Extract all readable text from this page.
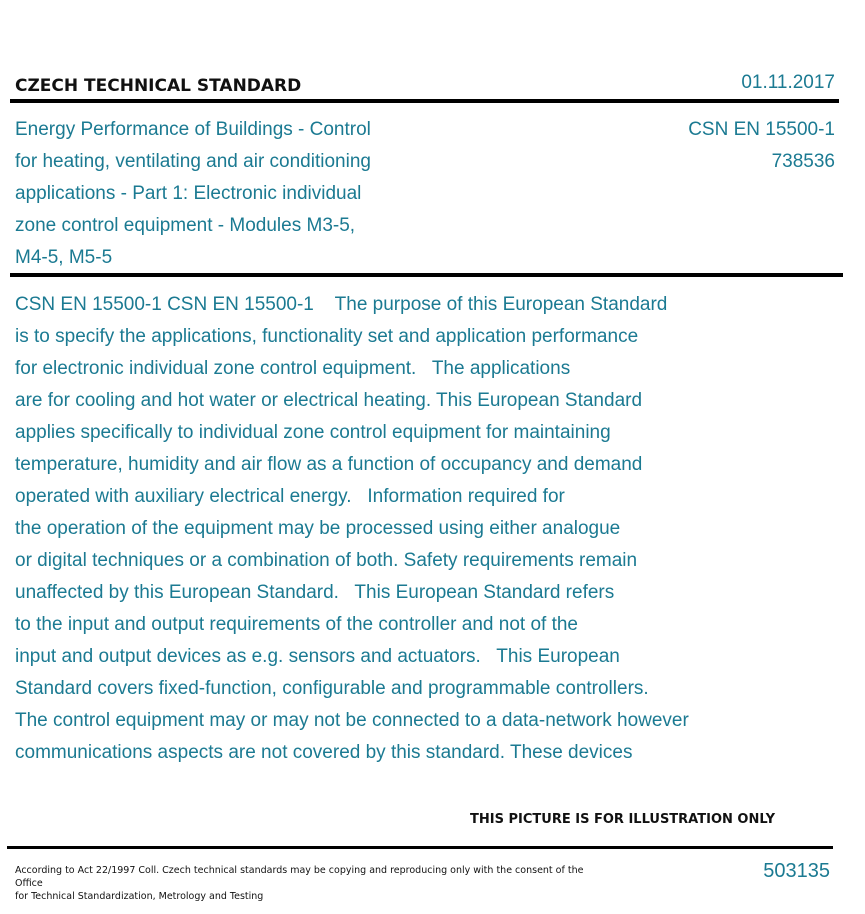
CZECH TECHNICAL STANDARD	01.11.2017
Energy Performance of Buildings - Control
for heating, ventilating and air conditioning
applications - Part 1: Electronic individual
zone control equipment - Modules M3-5,
M4-5, M5-5
CSN EN 15500-1
738536
CSN EN 15500-1 CSN EN 15500-1    The purpose of this European Standard
is to specify the applications, functionality set and application performance
for electronic individual zone control equipment.   The applications
are for cooling and hot water or electrical heating. This European Standard
applies specifically to individual zone control equipment for maintaining
temperature, humidity and air flow as a function of occupancy and demand
operated with auxiliary electrical energy.   Information required for
the operation of the equipment may be processed using either analogue
or digital techniques or a combination of both. Safety requirements remain
unaffected by this European Standard.   This European Standard refers
to the input and output requirements of the controller and not of the
input and output devices as e.g. sensors and actuators.   This European
Standard covers fixed-function, configurable and programmable controllers.
The control equipment may or may not be connected to a data-network however
communications aspects are not covered by this standard. These devices
THIS PICTURE IS FOR ILLUSTRATION ONLY
According to Act 22/1997 Coll. Czech technical standards may be copying and reproducing only with the consent of the Office
for Technical Standardization, Metrology and Testing
503135
